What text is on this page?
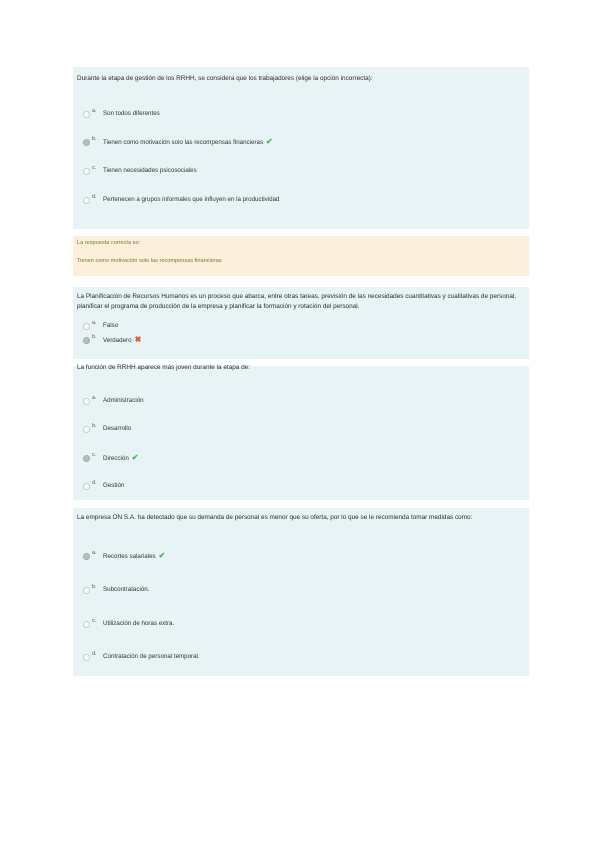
Durante la etapa de gestión de los RRHH, se considera que los trabajadores (elige la opción incorrecta):
a. Son todos diferentes
b. Tienen como motivación solo las recompensas financieras ✔
c. Tienen necesidades psicosociales
d. Pertenecen a grupos informales que influyen en la productividad
La respuesta correcta es:
Tienen como motivación solo las recompensas financieras
La Planificación de Recursos Humanos es un proceso que abarca, entre otras tareas, previsión de las necesidades cuantitativas y cualitativas de personal, planificar el programa de producción de la empresa y planificar la formación y rotación del personal.
a. Falso
b. Verdadero ✖
La función de RRHH aparece más joven durante la etapa de:
a. Administración
b. Desarrollo
c. Dirección ✔
d. Gestión
La empresa ON S.A. ha detectado que su demanda de personal es menor que su oferta, por lo que se le recomienda tomar medidas como:
a. Recortes salariales ✔
b. Subcontratación.
c. Utilización de horas extra.
d. Contratación de personal temporal.
